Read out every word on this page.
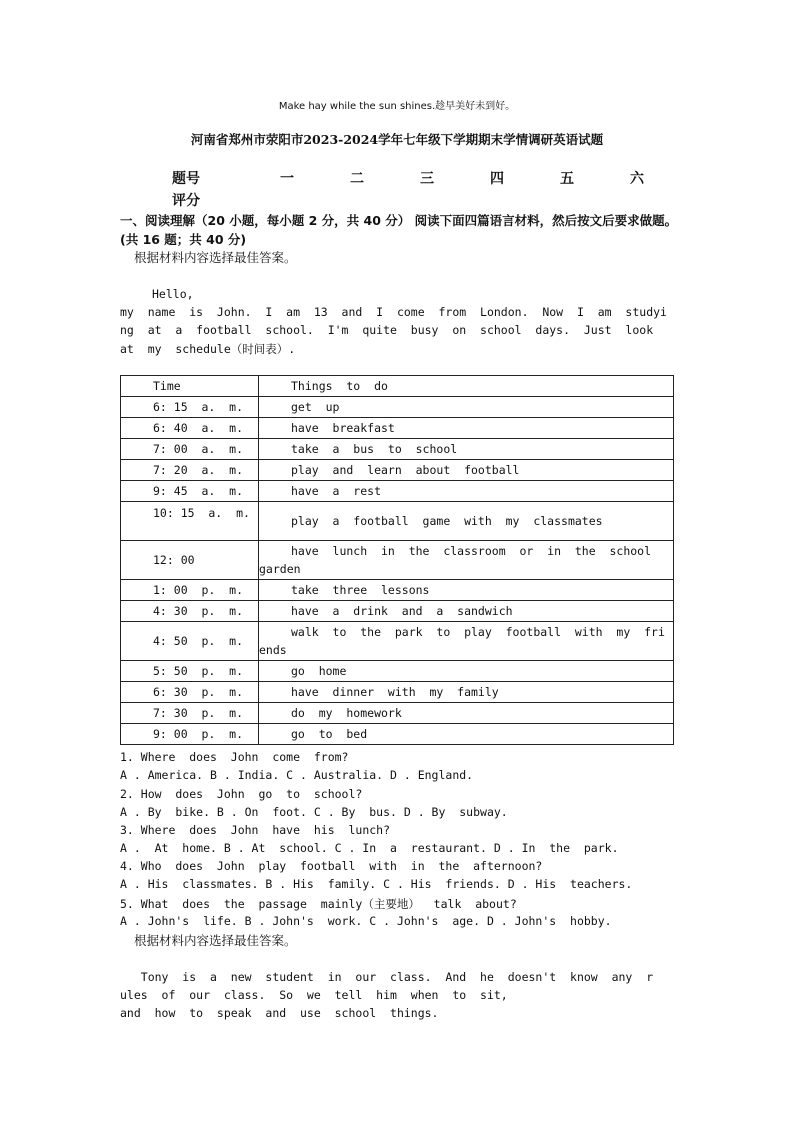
Make hay while the sun shines.趁早美好未到好。
河南省郑州市荥阳市2023-2024学年七年级下学期期末学情调研英语试题
题号	一	二	三	四	五	六
评分
一、阅读理解（20 小题，每小题 2 分，共 40 分） 阅读下面四篇语言材料，然后按文后要求做题。(共 16 题；共 40 分)
根据材料内容选择最佳答案。
Hello,
my  name  is  John.  I  am  13  and  I  come  from  London.  Now  I  am  studyi
ng  at  a  football  school.  I'm  quite  busy  on  school  days.  Just  look
at  my  schedule（时间表）.
Time	Things  to  do
6: 15  a.  m.	get  up
6: 40  a.  m.	have  breakfast
7: 00  a.  m.	take  a  bus  to  school
7: 20  a.  m.	play  and  learn  about  football
9: 45  a.  m.	have  a  rest
10: 15  a.  m.	play  a  football  game  with  my  classmates
12: 00	have  lunch  in  the  classroom  or  in  the  school garden
1: 00  p.  m.	take  three  lessons
4: 30  p.  m.	have  a  drink  and  a  sandwich
4: 50  p.  m.	walk  to  the  park  to  play  football  with  my  fri ends
5: 50  p.  m.	go  home
6: 30  p.  m.	have  dinner  with  my  family
7: 30  p.  m.	do  my  homework
9: 00  p.  m.	go  to  bed
1. Where  does  John  come  from?
A . America. B . India. C . Australia. D . England.
2. How  does  John  go  to  school?
A . By  bike. B . On  foot. C . By  bus. D . By  subway.
3. Where  does  John  have  his  lunch?
A .  At  home. B . At  school. C . In  a  restaurant. D . In  the  park.
4. Who  does  John  play  football  with  in  the  afternoon?
A . His  classmates. B . His  family. C . His  friends. D . His  teachers.
5. What  does  the  passage  mainly（主要地）  talk  about?
A . John's  life. B . John's  work. C . John's  age. D . John's  hobby.
根据材料内容选择最佳答案。
Tony  is  a  new  student  in  our  class.  And  he  doesn't  know  any  r
ules  of  our  class.  So  we  tell  him  when  to  sit,
and  how  to  speak  and  use  school  things.
